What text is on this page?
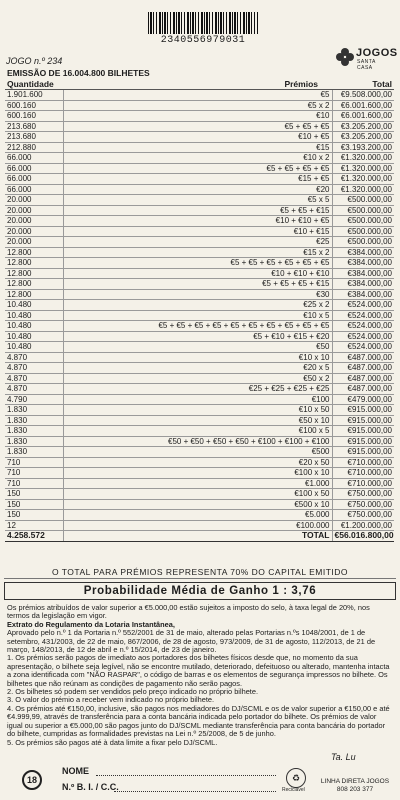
2340556979031
JOGO n.º 234
JOGOS
SANTA CASA
EMISSÃO DE 16.004.800 BILHETES
Quantidade	Prémios	Total
1.901.600	€5	€9.508.000,00
600.160	€5 x 2	€6.001.600,00
600.160	€10	€6.001.600,00
213.680	€5 + €5 + €5	€3.205.200,00
213.680	€10 + €5	€3.205.200,00
212.880	€15	€3.193.200,00
66.000	€10 x 2	€1.320.000,00
66.000	€5 + €5 + €5 + €5	€1.320.000,00
66.000	€15 + €5	€1.320.000,00
66.000	€20	€1.320.000,00
20.000	€5 x 5	€500.000,00
20.000	€5 + €5 + €15	€500.000,00
20.000	€10 + €10 + €5	€500.000,00
20.000	€10 + €15	€500.000,00
20.000	€25	€500.000,00
12.800	€15 x 2	€384.000,00
12.800	€5 + €5 + €5 + €5 + €5 + €5	€384.000,00
12.800	€10 + €10 + €10	€384.000,00
12.800	€5 + €5 + €5 + €15	€384.000,00
12.800	€30	€384.000,00
10.480	€25 x 2	€524.000,00
10.480	€10 x 5	€524.000,00
10.480	€5 + €5 + €5 + €5 + €5 + €5 + €5 + €5 + €5 + €5	€524.000,00
10.480	€5 + €10 + €15 + €20	€524.000,00
10.480	€50	€524.000,00
4.870	€10 x 10	€487.000,00
4.870	€20 x 5	€487.000,00
4.870	€50 x 2	€487.000,00
4.870	€25 + €25 + €25 + €25	€487.000,00
4.790	€100	€479.000,00
1.830	€10 x 50	€915.000,00
1.830	€50 x 10	€915.000,00
1.830	€100 x 5	€915.000,00
1.830	€50 + €50 + €50 + €50 + €100 + €100 + €100	€915.000,00
1.830	€500	€915.000,00
710	€20 x 50	€710.000,00
710	€100 x 10	€710.000,00
710	€1.000	€710.000,00
150	€100 x 50	€750.000,00
150	€500 x 10	€750.000,00
150	€5.000	€750.000,00
12	€100.000	€1.200.000,00
4.258.572	TOTAL	€56.016.800,00
O TOTAL PARA PRÉMIOS REPRESENTA 70% DO CAPITAL EMITIDO
Probabilidade Média de Ganho 1 : 3,76

Os prémios atribuídos de valor superior a €5.000,00 estão sujeitos a imposto do selo, à taxa legal de 20%, nos termos da legislação em vigor.

Extrato do Regulamento da Lotaria Instantânea,

Aprovado pelo n.º 1 da Portaria n.º 552/2001 de 31 de maio, alterado pelas Portarias n.ºs 1048/2001, de 1 de setembro, 431/2003, de 22 de maio, 867/2006, de 28 de agosto, 973/2009, de 31 de agosto, 112/2013, de 21 de março, 148/2013, de 12 de abril e n.º 15/2014, de 23 de janeiro.

1. Os prémios serão pagos de imediato aos portadores dos bilhetes físicos desde que, no momento da sua apresentação, o bilhete seja legível, não se encontre mutilado, deteriorado, defeituoso ou alterado, mantenha intacta a zona identificada com "NÃO RASPAR", o código de barras e os elementos de segurança impressos no bilhete. Os bilhetes que não reúnam as condições de pagamento não serão pagos.

2. Os bilhetes só podem ser vendidos pelo preço indicado no próprio bilhete.

3. O valor do prémio a receber vem indicado no próprio bilhete.

4. Os prémios até €150,00, inclusive, são pagos nos mediadores do DJ/SCML e os de valor superior a €150,00 e até €4.999,99, através de transferência para a conta bancária indicada pelo portador do bilhete. Os prémios de valor igual ou superior a €5.000,00 são pagos junto do DJ/SCML mediante transferência para conta bancária do portador do bilhete, cumpridas as formalidades previstas na Lei n.º 25/2008, de 5 de junho.

5. Os prémios são pagos até à data limite a fixar pelo DJ/SCML.

18
NOME
N.º B. I. / C.C.
Ta. Lu
♻
Reciclável
LINHA DIRETA JOGOS
808 203 377
